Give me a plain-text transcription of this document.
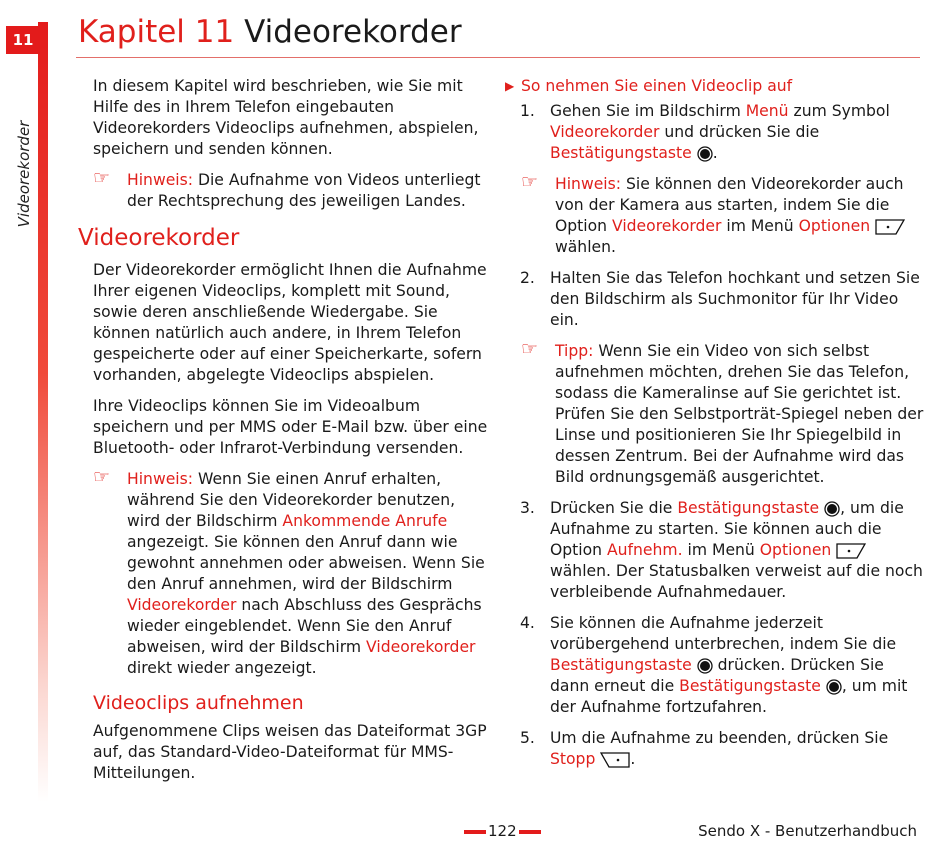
11
Videorekorder
Kapitel 11 Videorekorder

In diesem Kapitel wird beschrieben, wie Sie mit Hilfe des in Ihrem Telefon eingebauten Videorekorders Videoclips aufnehmen, abspielen, speichern und senden können.

☞ Hinweis: Die Aufnahme von Videos unterliegt der Rechtsprechung des jeweiligen Landes.
Videorekorder

Der Videorekorder ermöglicht Ihnen die Aufnahme Ihrer eigenen Videoclips, komplett mit Sound, sowie deren anschließende Wiedergabe. Sie können natürlich auch andere, in Ihrem Telefon gespeicherte oder auf einer Speicherkarte, sofern vorhanden, abgelegte Videoclips abspielen.

Ihre Videoclips können Sie im Videoalbum speichern und per MMS oder E-Mail bzw. über eine Bluetooth- oder Infrarot-Verbindung versenden.

☞ Hinweis: Wenn Sie einen Anruf erhalten, während Sie den Videorekorder benutzen, wird der Bildschirm Ankommende Anrufe angezeigt. Sie können den Anruf dann wie gewohnt annehmen oder abweisen. Wenn Sie den Anruf annehmen, wird der Bildschirm Videorekorder nach Abschluss des Gesprächs wieder eingeblendet. Wenn Sie den Anruf abweisen, wird der Bildschirm Videorekorder direkt wieder angezeigt.
Videoclips aufnehmen

Aufgenommene Clips weisen das Dateiformat 3GP auf, das Standard-Video-Dateiformat für MMS-Mitteilungen.

▶ So nehmen Sie einen Videoclip auf
1. Gehen Sie im Bildschirm Menü zum Symbol Videorekorder und drücken Sie die Bestätigungstaste .
☞ Hinweis: Sie können den Videorekorder auch von der Kamera aus starten, indem Sie die Option Videorekorder im Menü Optionen  wählen.
2. Halten Sie das Telefon hochkant und setzen Sie den Bildschirm als Suchmonitor für Ihr Video ein.
☞ Tipp: Wenn Sie ein Video von sich selbst aufnehmen möchten, drehen Sie das Telefon, sodass die Kameralinse auf Sie gerichtet ist. Prüfen Sie den Selbstporträt-Spiegel neben der Linse und positionieren Sie Ihr Spiegelbild in dessen Zentrum. Bei der Aufnahme wird das Bild ordnungsgemäß ausgerichtet.
3. Drücken Sie die Bestätigungstaste , um die Aufnahme zu starten. Sie können auch die Option Aufnehm. im Menü Optionen  wählen. Der Statusbalken verweist auf die noch verbleibende Aufnahmedauer.
4. Sie können die Aufnahme jederzeit vorübergehend unterbrechen, indem Sie die Bestätigungstaste  drücken. Drücken Sie dann erneut die Bestätigungstaste , um mit der Aufnahme fortzufahren.
5. Um die Aufnahme zu beenden, drücken Sie Stopp .
122	Sendo X - Benutzerhandbuch
